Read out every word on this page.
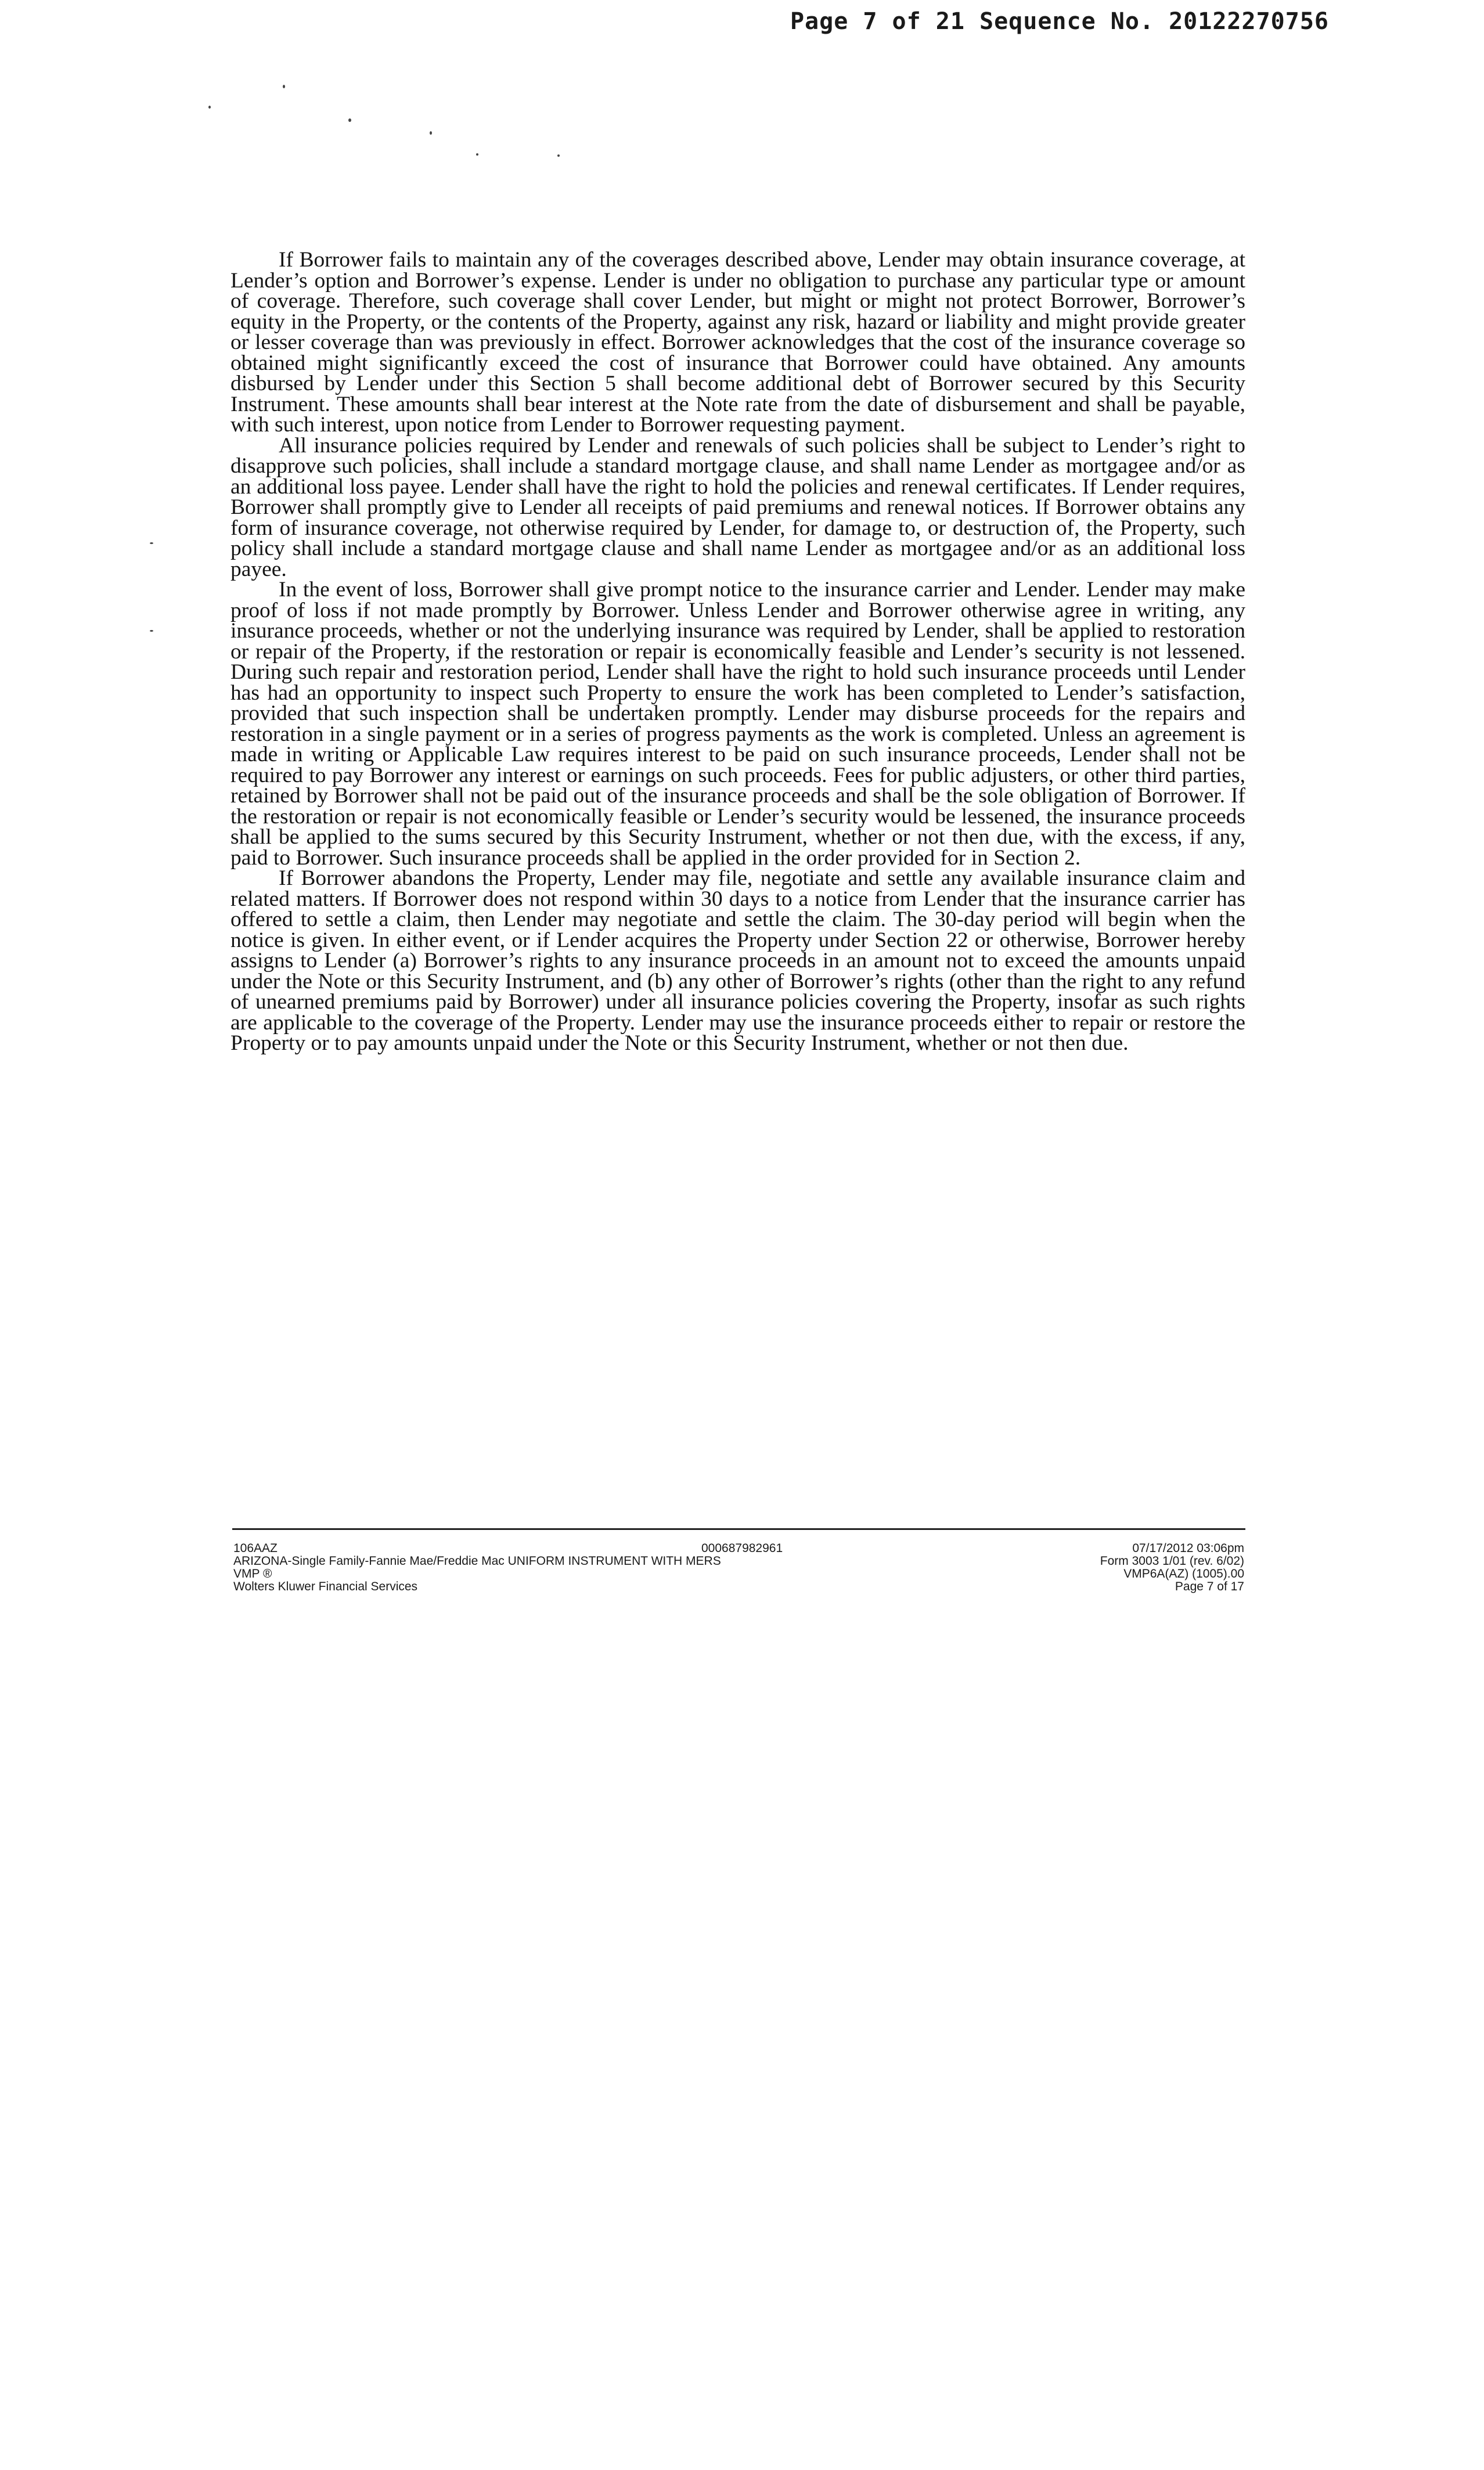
Page 7 of 21 Sequence No. 20122270756

If Borrower fails to maintain any of the coverages described above, Lender may obtain insurance coverage, at Lender’s option and Borrower’s expense. Lender is under no obligation to purchase any particular type or amount of coverage. Therefore, such coverage shall cover Lender, but might or might not protect Borrower, Borrower’s equity in the Property, or the contents of the Property, against any risk, hazard or liability and might provide greater or lesser coverage than was previously in effect. Borrower acknowledges that the cost of the insurance coverage so obtained might significantly exceed the cost of insurance that Borrower could have obtained. Any amounts disbursed by Lender under this Section 5 shall become additional debt of Borrower secured by this Security Instrument. These amounts shall bear interest at the Note rate from the date of disbursement and shall be payable, with such interest, upon notice from Lender to Borrower requesting payment.

All insurance policies required by Lender and renewals of such policies shall be subject to Lender’s right to disapprove such policies, shall include a standard mortgage clause, and shall name Lender as mortgagee and/or as an additional loss payee. Lender shall have the right to hold the policies and renewal certificates. If Lender requires, Borrower shall promptly give to Lender all receipts of paid premiums and renewal notices. If Borrower obtains any form of insurance coverage, not otherwise required by Lender, for damage to, or destruction of, the Property, such policy shall include a standard mortgage clause and shall name Lender as mortgagee and/or as an additional loss payee.

In the event of loss, Borrower shall give prompt notice to the insurance carrier and Lender. Lender may make proof of loss if not made promptly by Borrower. Unless Lender and Borrower otherwise agree in writing, any insurance proceeds, whether or not the underlying insurance was required by Lender, shall be applied to restoration or repair of the Property, if the restoration or repair is economically feasible and Lender’s security is not lessened. During such repair and restoration period, Lender shall have the right to hold such insurance proceeds until Lender has had an opportunity to inspect such Property to ensure the work has been completed to Lender’s satisfaction, provided that such inspection shall be undertaken promptly. Lender may disburse proceeds for the repairs and restoration in a single payment or in a series of progress payments as the work is completed. Unless an agreement is made in writing or Applicable Law requires interest to be paid on such insurance proceeds, Lender shall not be required to pay Borrower any interest or earnings on such proceeds. Fees for public adjusters, or other third parties, retained by Borrower shall not be paid out of the insurance proceeds and shall be the sole obligation of Borrower. If the restoration or repair is not economically feasible or Lender’s security would be lessened, the insurance proceeds shall be applied to the sums secured by this Security Instrument, whether or not then due, with the excess, if any, paid to Borrower. Such insurance proceeds shall be applied in the order provided for in Section 2.

If Borrower abandons the Property, Lender may file, negotiate and settle any available insurance claim and related matters. If Borrower does not respond within 30 days to a notice from Lender that the insurance carrier has offered to settle a claim, then Lender may negotiate and settle the claim. The 30-day period will begin when the notice is given. In either event, or if Lender acquires the Property under Section 22 or otherwise, Borrower hereby assigns to Lender (a) Borrower’s rights to any insurance proceeds in an amount not to exceed the amounts unpaid under the Note or this Security Instrument, and (b) any other of Borrower’s rights (other than the right to any refund of unearned premiums paid by Borrower) under all insurance policies covering the Property, insofar as such rights are applicable to the coverage of the Property. Lender may use the insurance proceeds either to repair or restore the Property or to pay amounts unpaid under the Note or this Security Instrument, whether or not then due.

106AAZ	000687982961	07/17/2012 03:06pm
ARIZONA-Single Family-Fannie Mae/Freddie Mac UNIFORM INSTRUMENT WITH MERS	Form 3003 1/01 (rev. 6/02)
VMP ®	VMP6A(AZ) (1005).00
Wolters Kluwer Financial Services	Page 7 of 17
